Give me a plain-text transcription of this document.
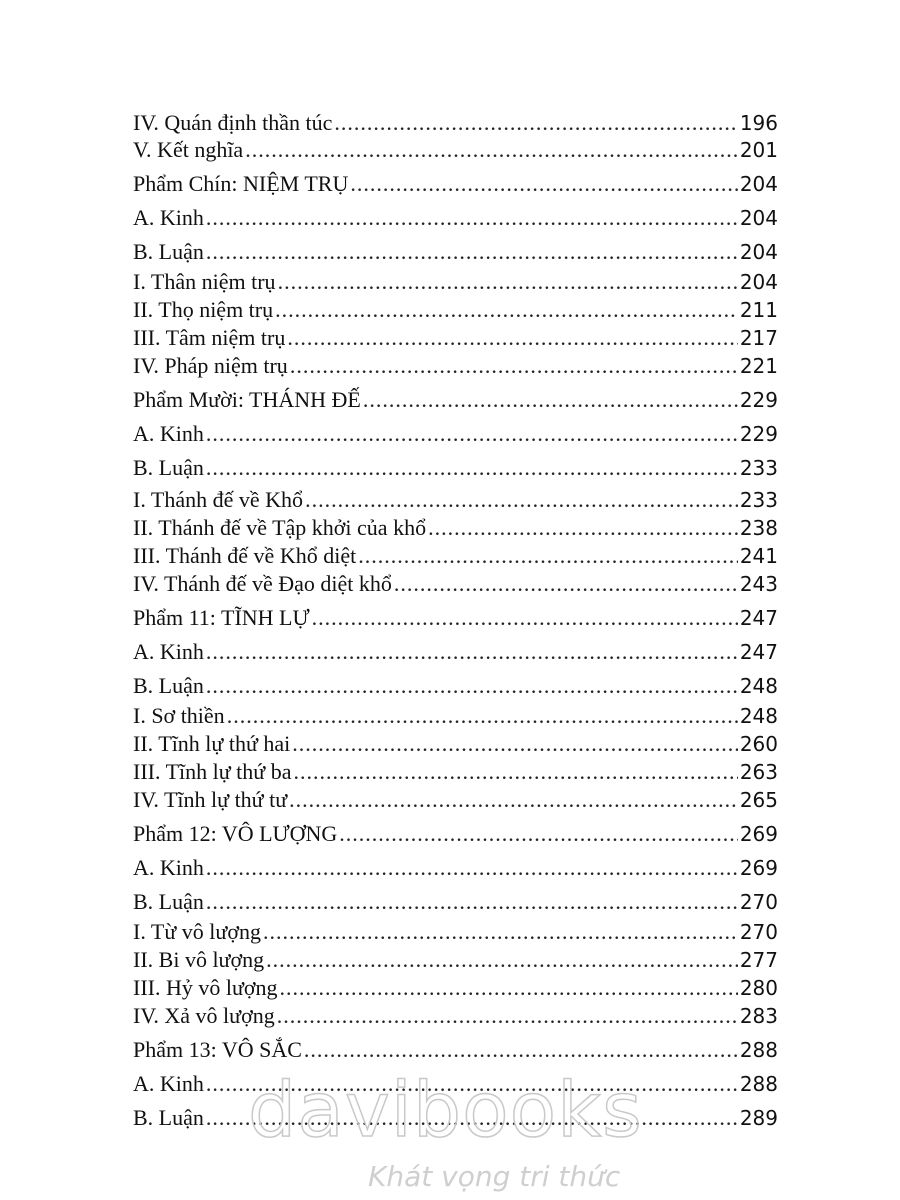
IV. Quán định thần túc .....	196
V. Kết nghĩa .....	201
Phẩm Chín: NIỆM TRỤ .....	204
A. Kinh .....	204
B. Luận .....	204
I. Thân niệm trụ .....	204
II. Thọ niệm trụ .....	211
III. Tâm niệm trụ .....	217
IV. Pháp niệm trụ .....	221
Phẩm Mười: THÁNH ĐẾ .....	229
A. Kinh .....	229
B. Luận .....	233
I. Thánh đế về Khổ .....	233
II. Thánh đế về Tập khởi của khổ .....	238
III. Thánh đế về Khổ diệt .....	241
IV. Thánh đế về Đạo diệt khổ .....	243
Phẩm 11: TĨNH LỰ .....	247
A. Kinh .....	247
B. Luận .....	248
I. Sơ thiền .....	248
II. Tĩnh lự thứ hai .....	260
III. Tĩnh lự thứ ba .....	263
IV. Tĩnh lự thứ tư .....	265
Phẩm 12: VÔ LƯỢNG .....	269
A. Kinh .....	269
B. Luận .....	270
I. Từ vô lượng .....	270
II. Bi vô lượng .....	277
III. Hỷ vô lượng .....	280
IV. Xả vô lượng .....	283
Phẩm 13: VÔ SẮC .....	288
A. Kinh .....	288
B. Luận .....	289
davibooks
Khát vọng tri thức
